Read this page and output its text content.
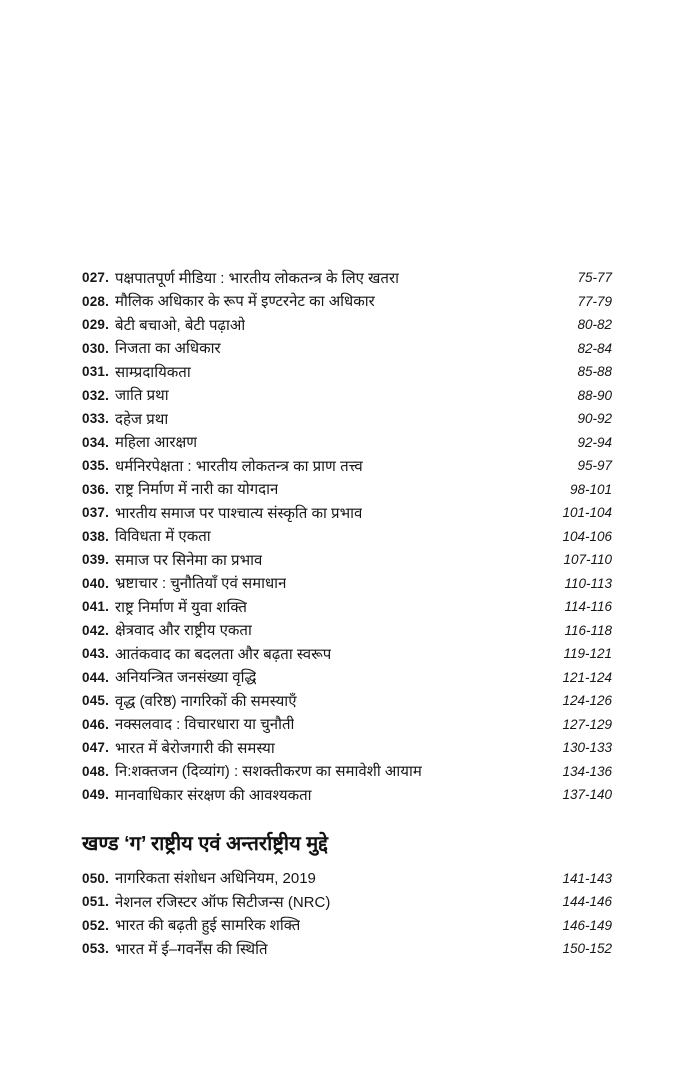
027. पक्षपातपूर्ण मीडिया : भारतीय लोकतन्त्र के लिए खतरा	75-77
028. मौलिक अधिकार के रूप में इण्टरनेट का अधिकार	77-79
029. बेटी बचाओ, बेटी पढ़ाओ	80-82
030. निजता का अधिकार	82-84
031. साम्प्रदायिकता	85-88
032. जाति प्रथा	88-90
033. दहेज प्रथा	90-92
034. महिला आरक्षण	92-94
035. धर्मनिरपेक्षता : भारतीय लोकतन्त्र का प्राण तत्त्व	95-97
036. राष्ट्र निर्माण में नारी का योगदान	98-101
037. भारतीय समाज पर पाश्चात्य संस्कृति का प्रभाव	101-104
038. विविधता में एकता	104-106
039. समाज पर सिनेमा का प्रभाव	107-110
040. भ्रष्टाचार : चुनौतियाँ एवं समाधान	110-113
041. राष्ट्र निर्माण में युवा शक्ति	114-116
042. क्षेत्रवाद और राष्ट्रीय एकता	116-118
043. आतंकवाद का बदलता और बढ़ता स्वरूप	119-121
044. अनियन्त्रित जनसंख्या वृद्धि	121-124
045. वृद्ध (वरिष्ठ) नागरिकों की समस्याएँ	124-126
046. नक्सलवाद : विचारधारा या चुनौती	127-129
047. भारत में बेरोजगारी की समस्या	130-133
048. नि:शक्तजन (दिव्यांग) : सशक्तीकरण का समावेशी आयाम	134-136
049. मानवाधिकार संरक्षण की आवश्यकता	137-140
खण्ड ‘ग’ राष्ट्रीय एवं अन्तर्राष्ट्रीय मुद्दे
050. नागरिकता संशोधन अधिनियम, 2019	141-143
051. नेशनल रजिस्टर ऑफ सिटीजन्स (NRC)	144-146
052. भारत की बढ़ती हुई सामरिक शक्ति	146-149
053. भारत में ई–गवर्नेंस की स्थिति	150-152
